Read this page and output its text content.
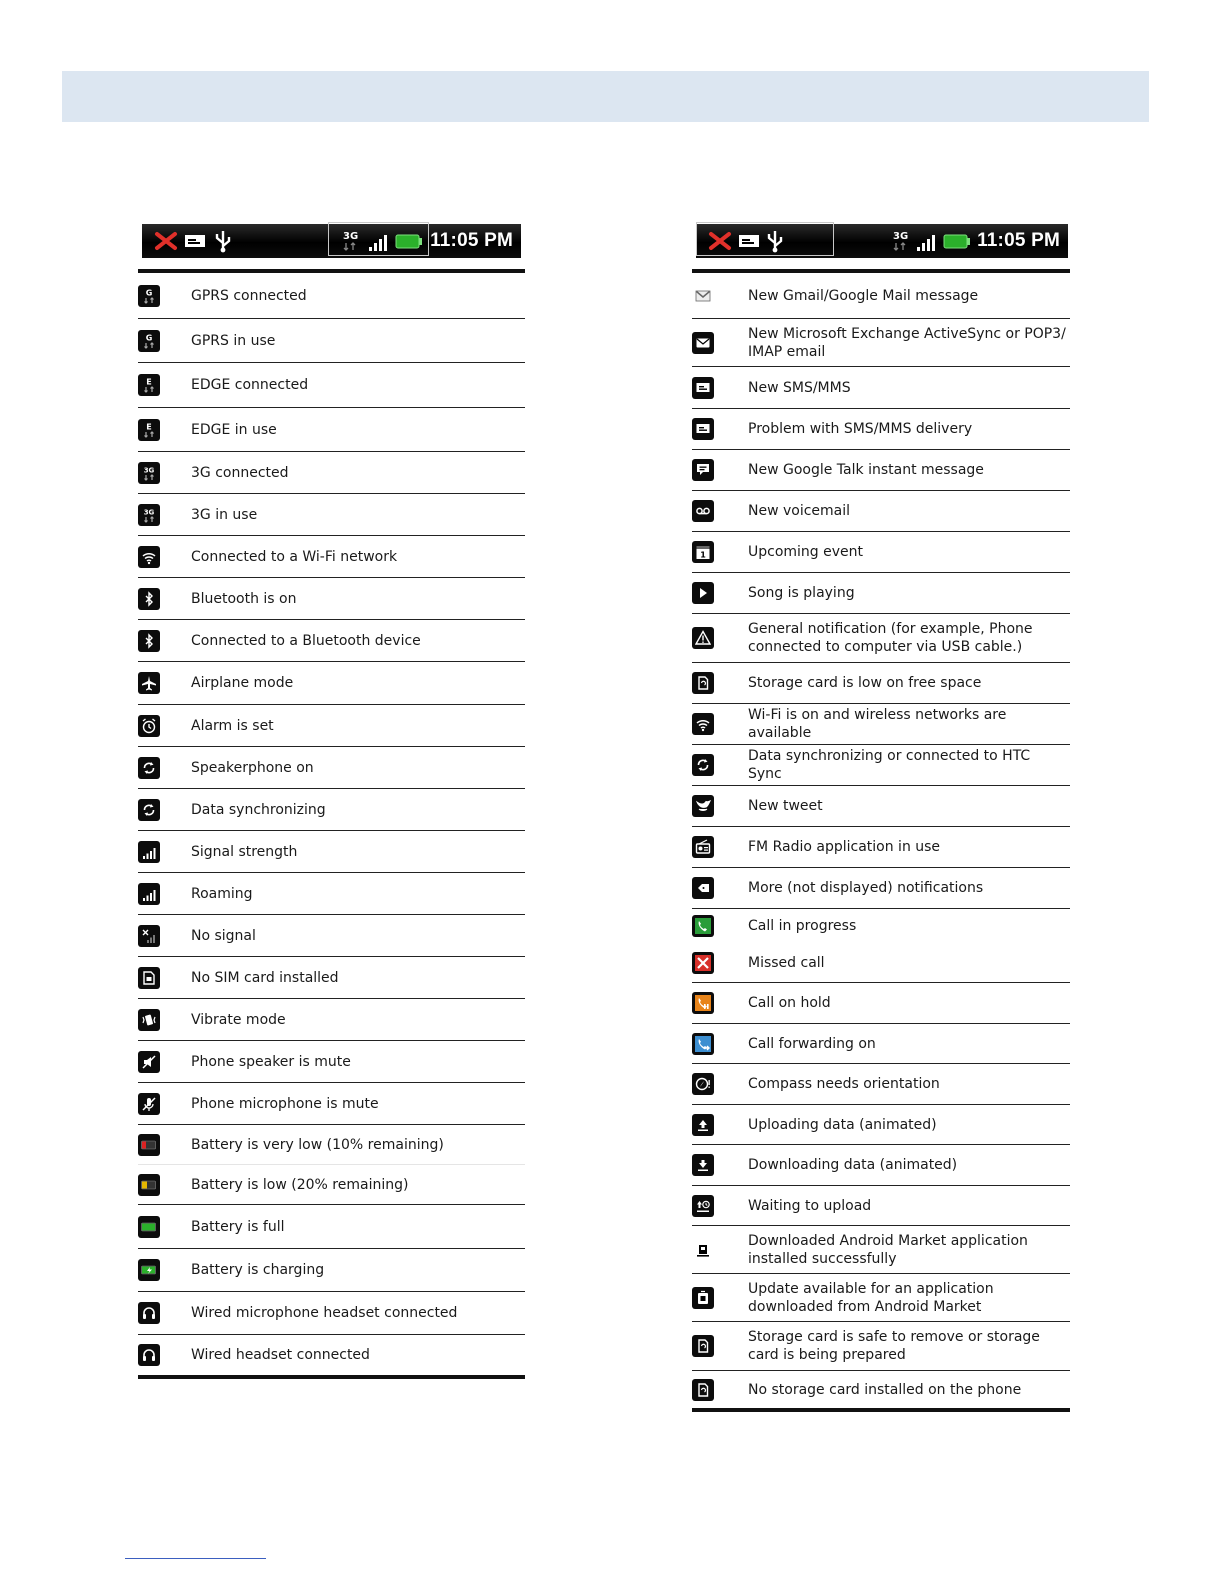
3G	11:05 PM	3G	11:05 PM
G	GPRS connected
G	GPRS in use
E	EDGE connected
E	EDGE in use
3G	3G connected
3G	3G in use
Connected to a Wi-Fi network
Bluetooth is on
Connected to a Bluetooth device
Airplane mode
Alarm is set
Speakerphone on
Data synchronizing
Signal strength
Roaming
No signal
No SIM card installed
Vibrate mode
Phone speaker is mute
Phone microphone is mute
Battery is very low (10% remaining)
Battery is low (20% remaining)
Battery is full
Battery is charging
Wired microphone headset connected
Wired headset connected
New Gmail/Google Mail message
New Microsoft Exchange ActiveSync or POP3/ IMAP email
New SMS/MMS
Problem with SMS/MMS delivery
New Google Talk instant message
New voicemail
1	Upcoming event
Song is playing
General notification (for example, Phone connected to computer via USB cable.)
Storage card is low on free space
Wi-Fi is on and wireless networks are available
Data synchronizing or connected to HTC Sync
New tweet
FM Radio application in use
More (not displayed) notifications
Call in progress
Missed call
Call on hold
Call forwarding on
Compass needs orientation
Uploading data (animated)
Downloading data (animated)
Waiting to upload
Downloaded Android Market application installed successfully
Update available for an application downloaded from Android Market
Storage card is safe to remove or storage card is being prepared
No storage card installed on the phone
